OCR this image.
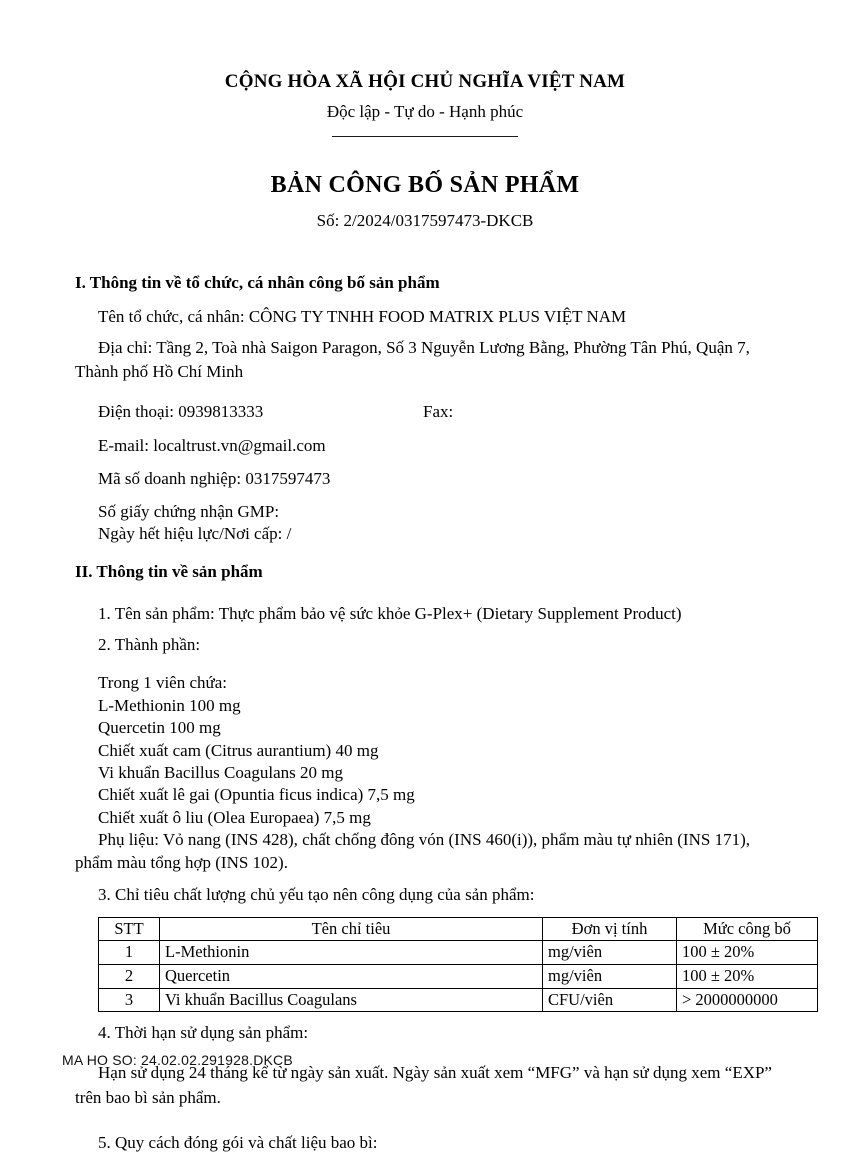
CỘNG HÒA XÃ HỘI CHỦ NGHĨA VIỆT NAM
Độc lập - Tự do - Hạnh phúc
BẢN CÔNG BỐ SẢN PHẨM
Số: 2/2024/0317597473-DKCB
I. Thông tin về tổ chức, cá nhân công bố sản phẩm
Tên tổ chức, cá nhân: CÔNG TY TNHH FOOD MATRIX PLUS VIỆT NAM
Địa chỉ: Tầng 2, Toà nhà Saigon Paragon, Số 3 Nguyễn Lương Bằng, Phường Tân Phú, Quận 7, Thành phố Hồ Chí Minh
Điện thoại: 0939813333	Fax:
E-mail: localtrust.vn@gmail.com
Mã số doanh nghiệp: 0317597473
Số giấy chứng nhận GMP:
Ngày hết hiệu lực/Nơi cấp: /
II. Thông tin về sản phẩm
1. Tên sản phẩm: Thực phẩm bảo vệ sức khỏe G-Plex+ (Dietary Supplement Product)
2. Thành phần:
Trong 1 viên chứa:
L-Methionin 100 mg
Quercetin 100 mg
Chiết xuất cam (Citrus aurantium) 40 mg
Vi khuẩn Bacillus Coagulans 20 mg
Chiết xuất lê gai (Opuntia ficus indica) 7,5 mg
Chiết xuất ô liu (Olea Europaea) 7,5 mg
Phụ liệu: Vỏ nang (INS 428), chất chống đông vón (INS 460(i)), phẩm màu tự nhiên (INS 171), phẩm màu tổng hợp (INS 102).
3. Chỉ tiêu chất lượng chủ yếu tạo nên công dụng của sản phẩm:
STT	Tên chỉ tiêu	Đơn vị tính	Mức công bố
1	L-Methionin	mg/viên	100 ± 20%
2	Quercetin	mg/viên	100 ± 20%
3	Vi khuẩn Bacillus Coagulans	CFU/viên	> 2000000000
4. Thời hạn sử dụng sản phẩm:
Hạn sử dụng 24 tháng kể từ ngày sản xuất. Ngày sản xuất xem “MFG” và hạn sử dụng xem “EXP” trên bao bì sản phẩm.
5. Quy cách đóng gói và chất liệu bao bì:
MA HO SO: 24.02.02.291928.DKCB
